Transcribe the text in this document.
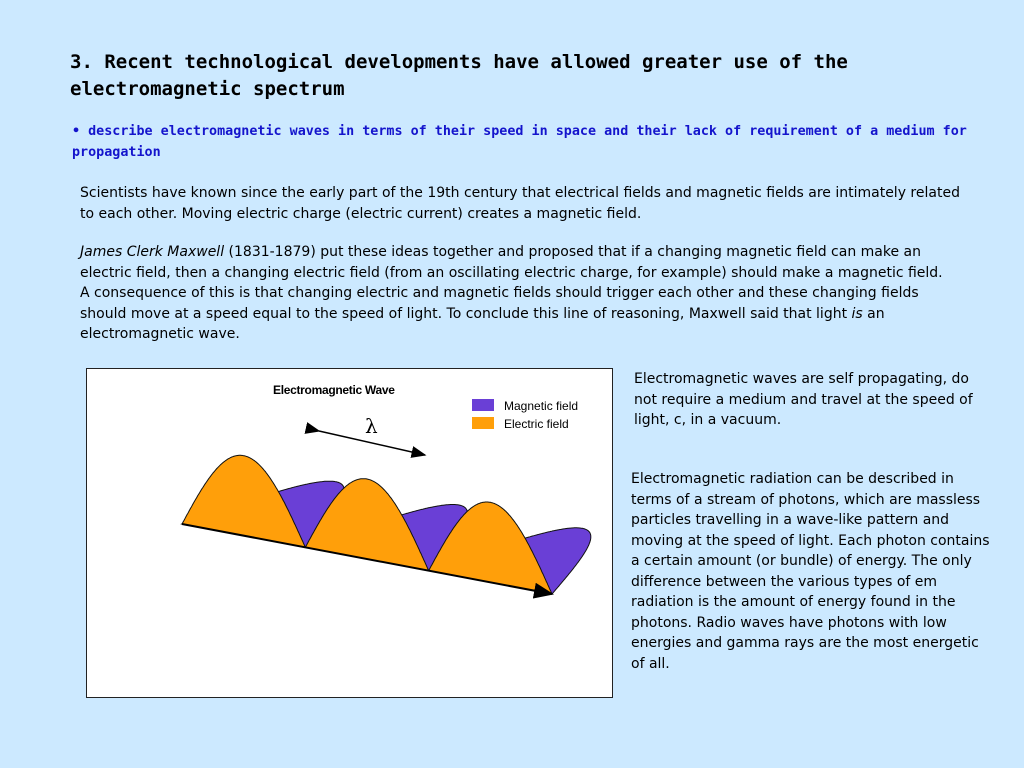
3. Recent technological developments have allowed greater use of the electromagnetic spectrum
• describe electromagnetic waves in terms of their speed in space and their lack of requirement of a medium for propagation

Scientists have known since the early part of the 19th century that electrical fields and magnetic fields are intimately related to each other. Moving electric charge (electric current) creates a magnetic field.

James Clerk Maxwell (1831-1879) put these ideas together and proposed that if a changing magnetic field can make an electric field, then a changing electric field (from an oscillating electric charge, for example) should make a magnetic field. A consequence of this is that changing electric and magnetic fields should trigger each other and these changing fields should move at a speed equal to the speed of light. To conclude this line of reasoning, Maxwell said that light is an electromagnetic wave.

Electromagnetic Wave
Magnetic field
Electric field
λ

Electromagnetic waves are self propagating, do not require a medium and travel at the speed of light, c, in a vacuum.

Electromagnetic radiation can be described in terms of a stream of photons, which are massless particles travelling in a wave-like pattern and moving at the speed of light. Each photon contains a certain amount (or bundle) of energy. The only difference between the various types of em radiation is the amount of energy found in the photons. Radio waves have photons with low energies and gamma rays are the most energetic of all.
